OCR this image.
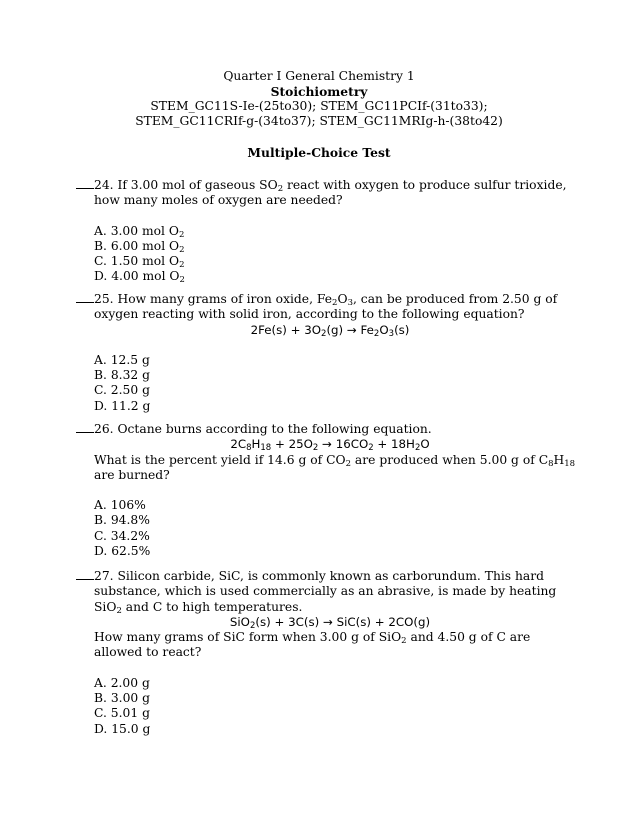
Quarter I General Chemistry 1
Stoichiometry
STEM_GC11S-Ie-(25to30); STEM_GC11PCIf-(31to33);
STEM_GC11CRIf-g-(34to37); STEM_GC11MRIg-h-(38to42)
Multiple-Choice Test
24. If 3.00 mol of gaseous $SO_2$ react with oxygen to produce sulfur trioxide,
how many moles of oxygen are needed?
A. 3.00 mol $O_2$
B. 6.00 mol $O_2$
C. 1.50 mol $O_2$
D. 4.00 mol $O_2$
25. How many grams of iron oxide, $Fe_2O_3$, can be produced from 2.50 g of
oxygen reacting with solid iron, according to the following equation?
$2Fe(s) + 3O_2(g) \to Fe_2O_3(s)$
A. 12.5 g
B. 8.32 g
C. 2.50 g
D. 11.2 g
26. Octane burns according to the following equation.
$2C_8H_{18} + 25O_2 \to 16CO_2 + 18H_2O$
What is the percent yield if 14.6 g of $CO_2$ are produced when 5.00 g of $C_8H_{18}$
are burned?
A. 106%
B. 94.8%
C. 34.2%
D. 62.5%
27. Silicon carbide, SiC, is commonly known as carborundum. This hard
substance, which is used commercially as an abrasive, is made by heating
SiO$_2$ and C to high temperatures.
SiO$_2$(s) + 3C(s) → SiC(s) + 2CO(g)
How many grams of SiC form when 3.00 g of SiO$_2$ and 4.50 g of C are
allowed to react?
A. 2.00 g
B. 3.00 g
C. 5.01 g
D. 15.0 g
